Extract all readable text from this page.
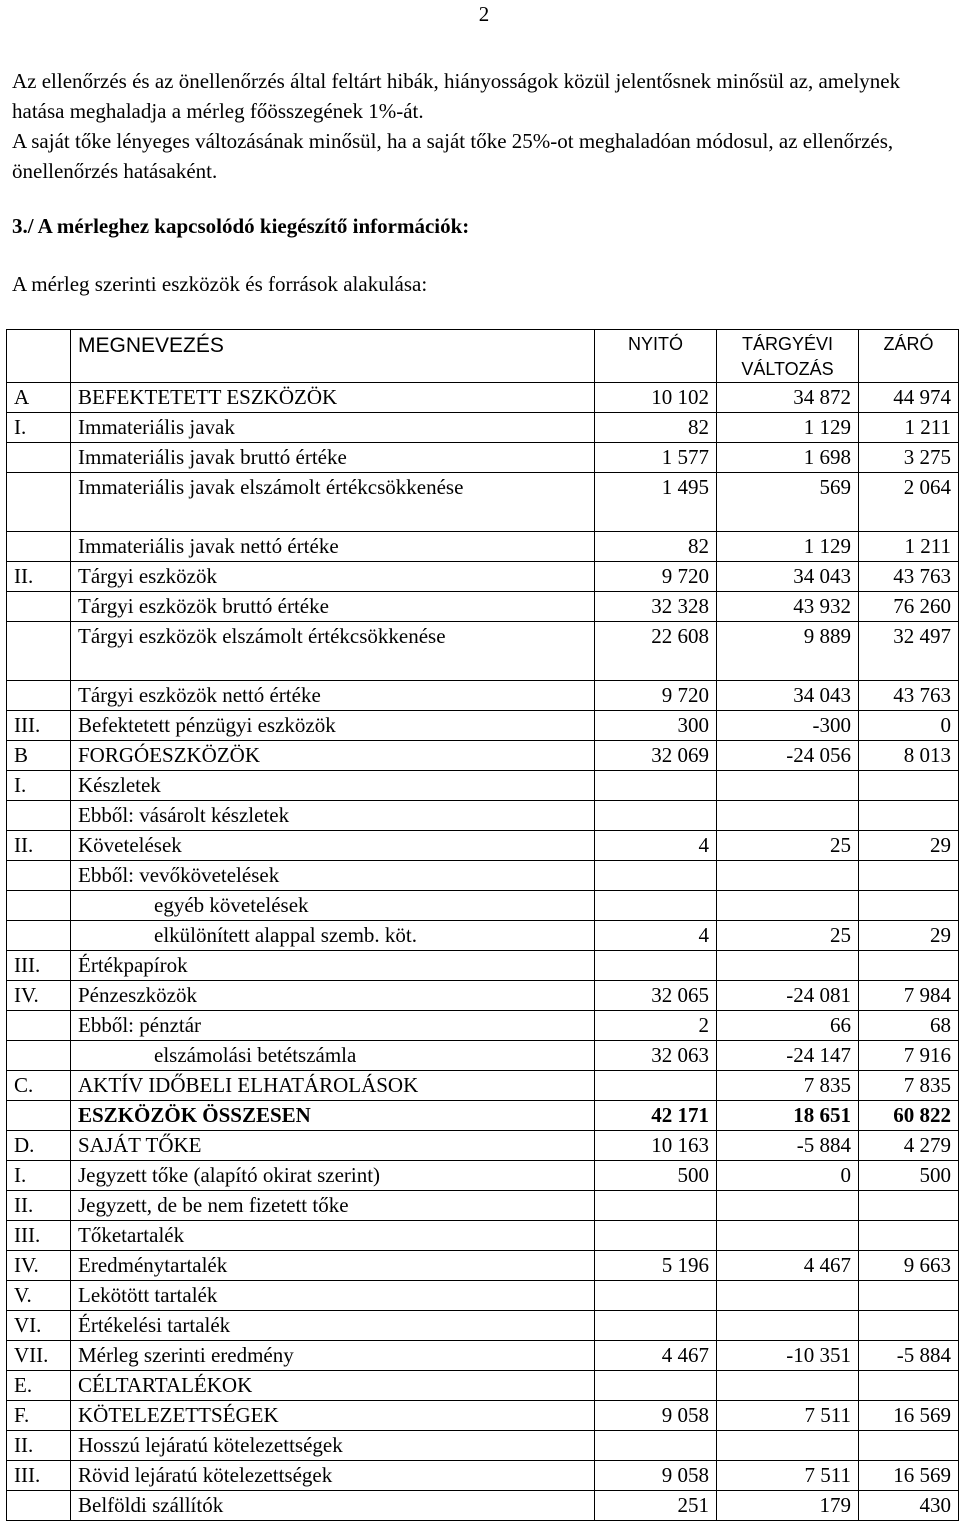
2

Az ellenőrzés és az önellenőrzés által feltárt hibák, hiányosságok közül jelentősnek minősül az, amelynek hatása meghaladja a mérleg főösszegének 1%-át.

A saját tőke lényeges változásának minősül, ha a saját tőke 25%-ot meghaladóan módosul, az ellenőrzés, önellenőrzés hatásaként.

3./ A mérleghez kapcsolódó kiegészítő információk:
A mérleg szerinti eszközök és források alakulása:
	MEGNEVEZÉS	NYITÓ	TÁRGYÉVI VÁLTOZÁS	ZÁRÓ
A	BEFEKTETETT ESZKÖZÖK	10 102	34 872	44 974
I.	Immateriális javak	82	1 129	1 211
	Immateriális javak bruttó értéke	1 577	1 698	3 275
	Immateriális javak elszámolt értékcsökkenése	1 495	569	2 064
	Immateriális javak nettó értéke	82	1 129	1 211
II.	Tárgyi eszközök	9 720	34 043	43 763
	Tárgyi eszközök bruttó értéke	32 328	43 932	76 260
	Tárgyi eszközök elszámolt értékcsökkenése	22 608	9 889	32 497
	Tárgyi eszközök nettó értéke	9 720	34 043	43 763
III.	Befektetett pénzügyi eszközök	300	-300	0
B	FORGÓESZKÖZÖK	32 069	-24 056	8 013
I.	Készletek			
	Ebből: vásárolt készletek			
II.	Követelések	4	25	29
	Ebből: vevőkövetelések			
	egyéb követelések			
	elkülönített alappal szemb. köt.	4	25	29
III.	Értékpapírok			
IV.	Pénzeszközök	32 065	-24 081	7 984
	Ebből: pénztár	2	66	68
	elszámolási betétszámla	32 063	-24 147	7 916
C.	AKTÍV IDŐBELI ELHATÁROLÁSOK		7 835	7 835
	ESZKÖZÖK ÖSSZESEN	42 171	18 651	60 822
D.	SAJÁT TŐKE	10 163	-5 884	4 279
I.	Jegyzett tőke (alapító okirat szerint)	500	0	500
II.	Jegyzett, de be nem fizetett tőke			
III.	Tőketartalék			
IV.	Eredménytartalék	5 196	4 467	9 663
V.	Lekötött tartalék			
VI.	Értékelési tartalék			
VII.	Mérleg szerinti eredmény	4 467	-10 351	-5 884
E.	CÉLTARTALÉKOK			
F.	KÖTELEZETTSÉGEK	9 058	7 511	16 569
II.	Hosszú lejáratú kötelezettségek			
III.	Rövid lejáratú kötelezettségek	9 058	7 511	16 569
	Belföldi szállítók	251	179	430
